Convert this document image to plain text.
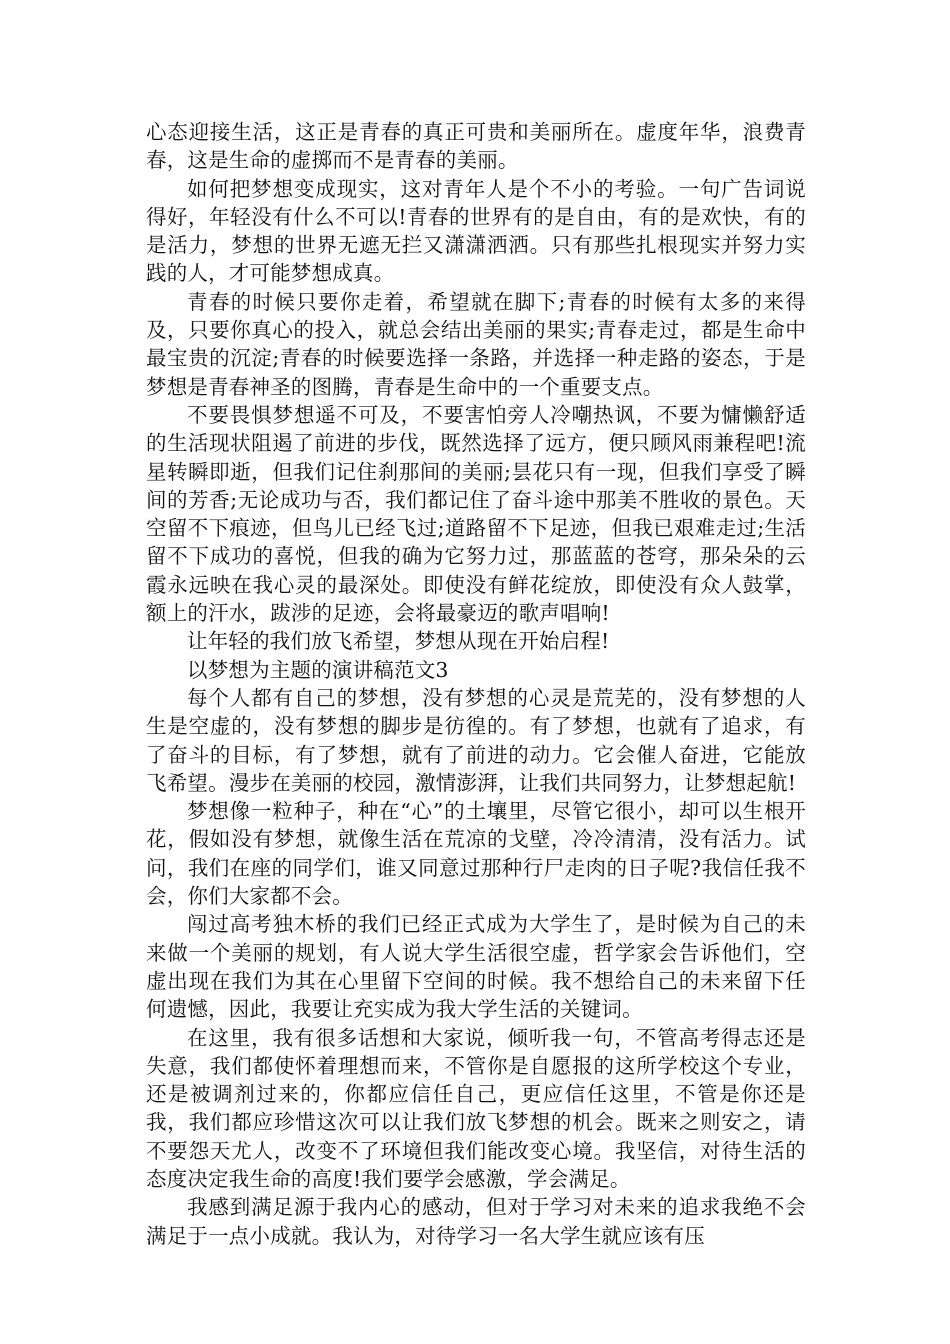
心态迎接生活，这正是青春的真正可贵和美丽所在。虚度年华，浪费青春，这是生命的虚掷而不是青春的美丽。

如何把梦想变成现实，这对青年人是个不小的考验。一句广告词说得好，年轻没有什么不可以!青春的世界有的是自由，有的是欢快，有的是活力，梦想的世界无遮无拦又潇潇洒洒。只有那些扎根现实并努力实践的人，才可能梦想成真。

青春的时候只要你走着，希望就在脚下;青春的时候有太多的来得及，只要你真心的投入，就总会结出美丽的果实;青春走过，都是生命中最宝贵的沉淀;青春的时候要选择一条路，并选择一种走路的姿态，于是梦想是青春神圣的图腾，青春是生命中的一个重要支点。

不要畏惧梦想遥不可及，不要害怕旁人冷嘲热讽，不要为慵懒舒适的生活现状阻遏了前进的步伐，既然选择了远方，便只顾风雨兼程吧!流星转瞬即逝，但我们记住刹那间的美丽;昙花只有一现，但我们享受了瞬间的芳香;无论成功与否，我们都记住了奋斗途中那美不胜收的景色。天空留不下痕迹，但鸟儿已经飞过;道路留不下足迹，但我已艰难走过;生活留不下成功的喜悦，但我的确为它努力过，那蓝蓝的苍穹，那朵朵的云霞永远映在我心灵的最深处。即使没有鲜花绽放，即使没有众人鼓掌，额上的汗水，跋涉的足迹，会将最豪迈的歌声唱响!

让年轻的我们放飞希望，梦想从现在开始启程!

以梦想为主题的演讲稿范文3

每个人都有自己的梦想，没有梦想的心灵是荒芜的，没有梦想的人生是空虚的，没有梦想的脚步是彷徨的。有了梦想，也就有了追求，有了奋斗的目标，有了梦想，就有了前进的动力。它会催人奋进，它能放飞希望。漫步在美丽的校园，激情澎湃，让我们共同努力，让梦想起航!

梦想像一粒种子，种在“心”的土壤里，尽管它很小，却可以生根开花，假如没有梦想，就像生活在荒凉的戈壁，冷冷清清，没有活力。试问，我们在座的同学们，谁又同意过那种行尸走肉的日子呢?我信任我不会，你们大家都不会。

闯过高考独木桥的我们已经正式成为大学生了，是时候为自己的未来做一个美丽的规划，有人说大学生活很空虚，哲学家会告诉他们，空虚出现在我们为其在心里留下空间的时候。我不想给自己的未来留下任何遗憾，因此，我要让充实成为我大学生活的关键词。

在这里，我有很多话想和大家说，倾听我一句，不管高考得志还是失意，我们都使怀着理想而来，不管你是自愿报的这所学校这个专业，还是被调剂过来的，你都应信任自己，更应信任这里，不管是你还是我，我们都应珍惜这次可以让我们放飞梦想的机会。既来之则安之，请不要怨天尤人，改变不了环境但我们能改变心境。我坚信，对待生活的态度决定我生命的高度!我们要学会感激，学会满足。

我感到满足源于我内心的感动，但对于学习对未来的追求我绝不会满足于一点小成就。我认为，对待学习一名大学生就应该有压
